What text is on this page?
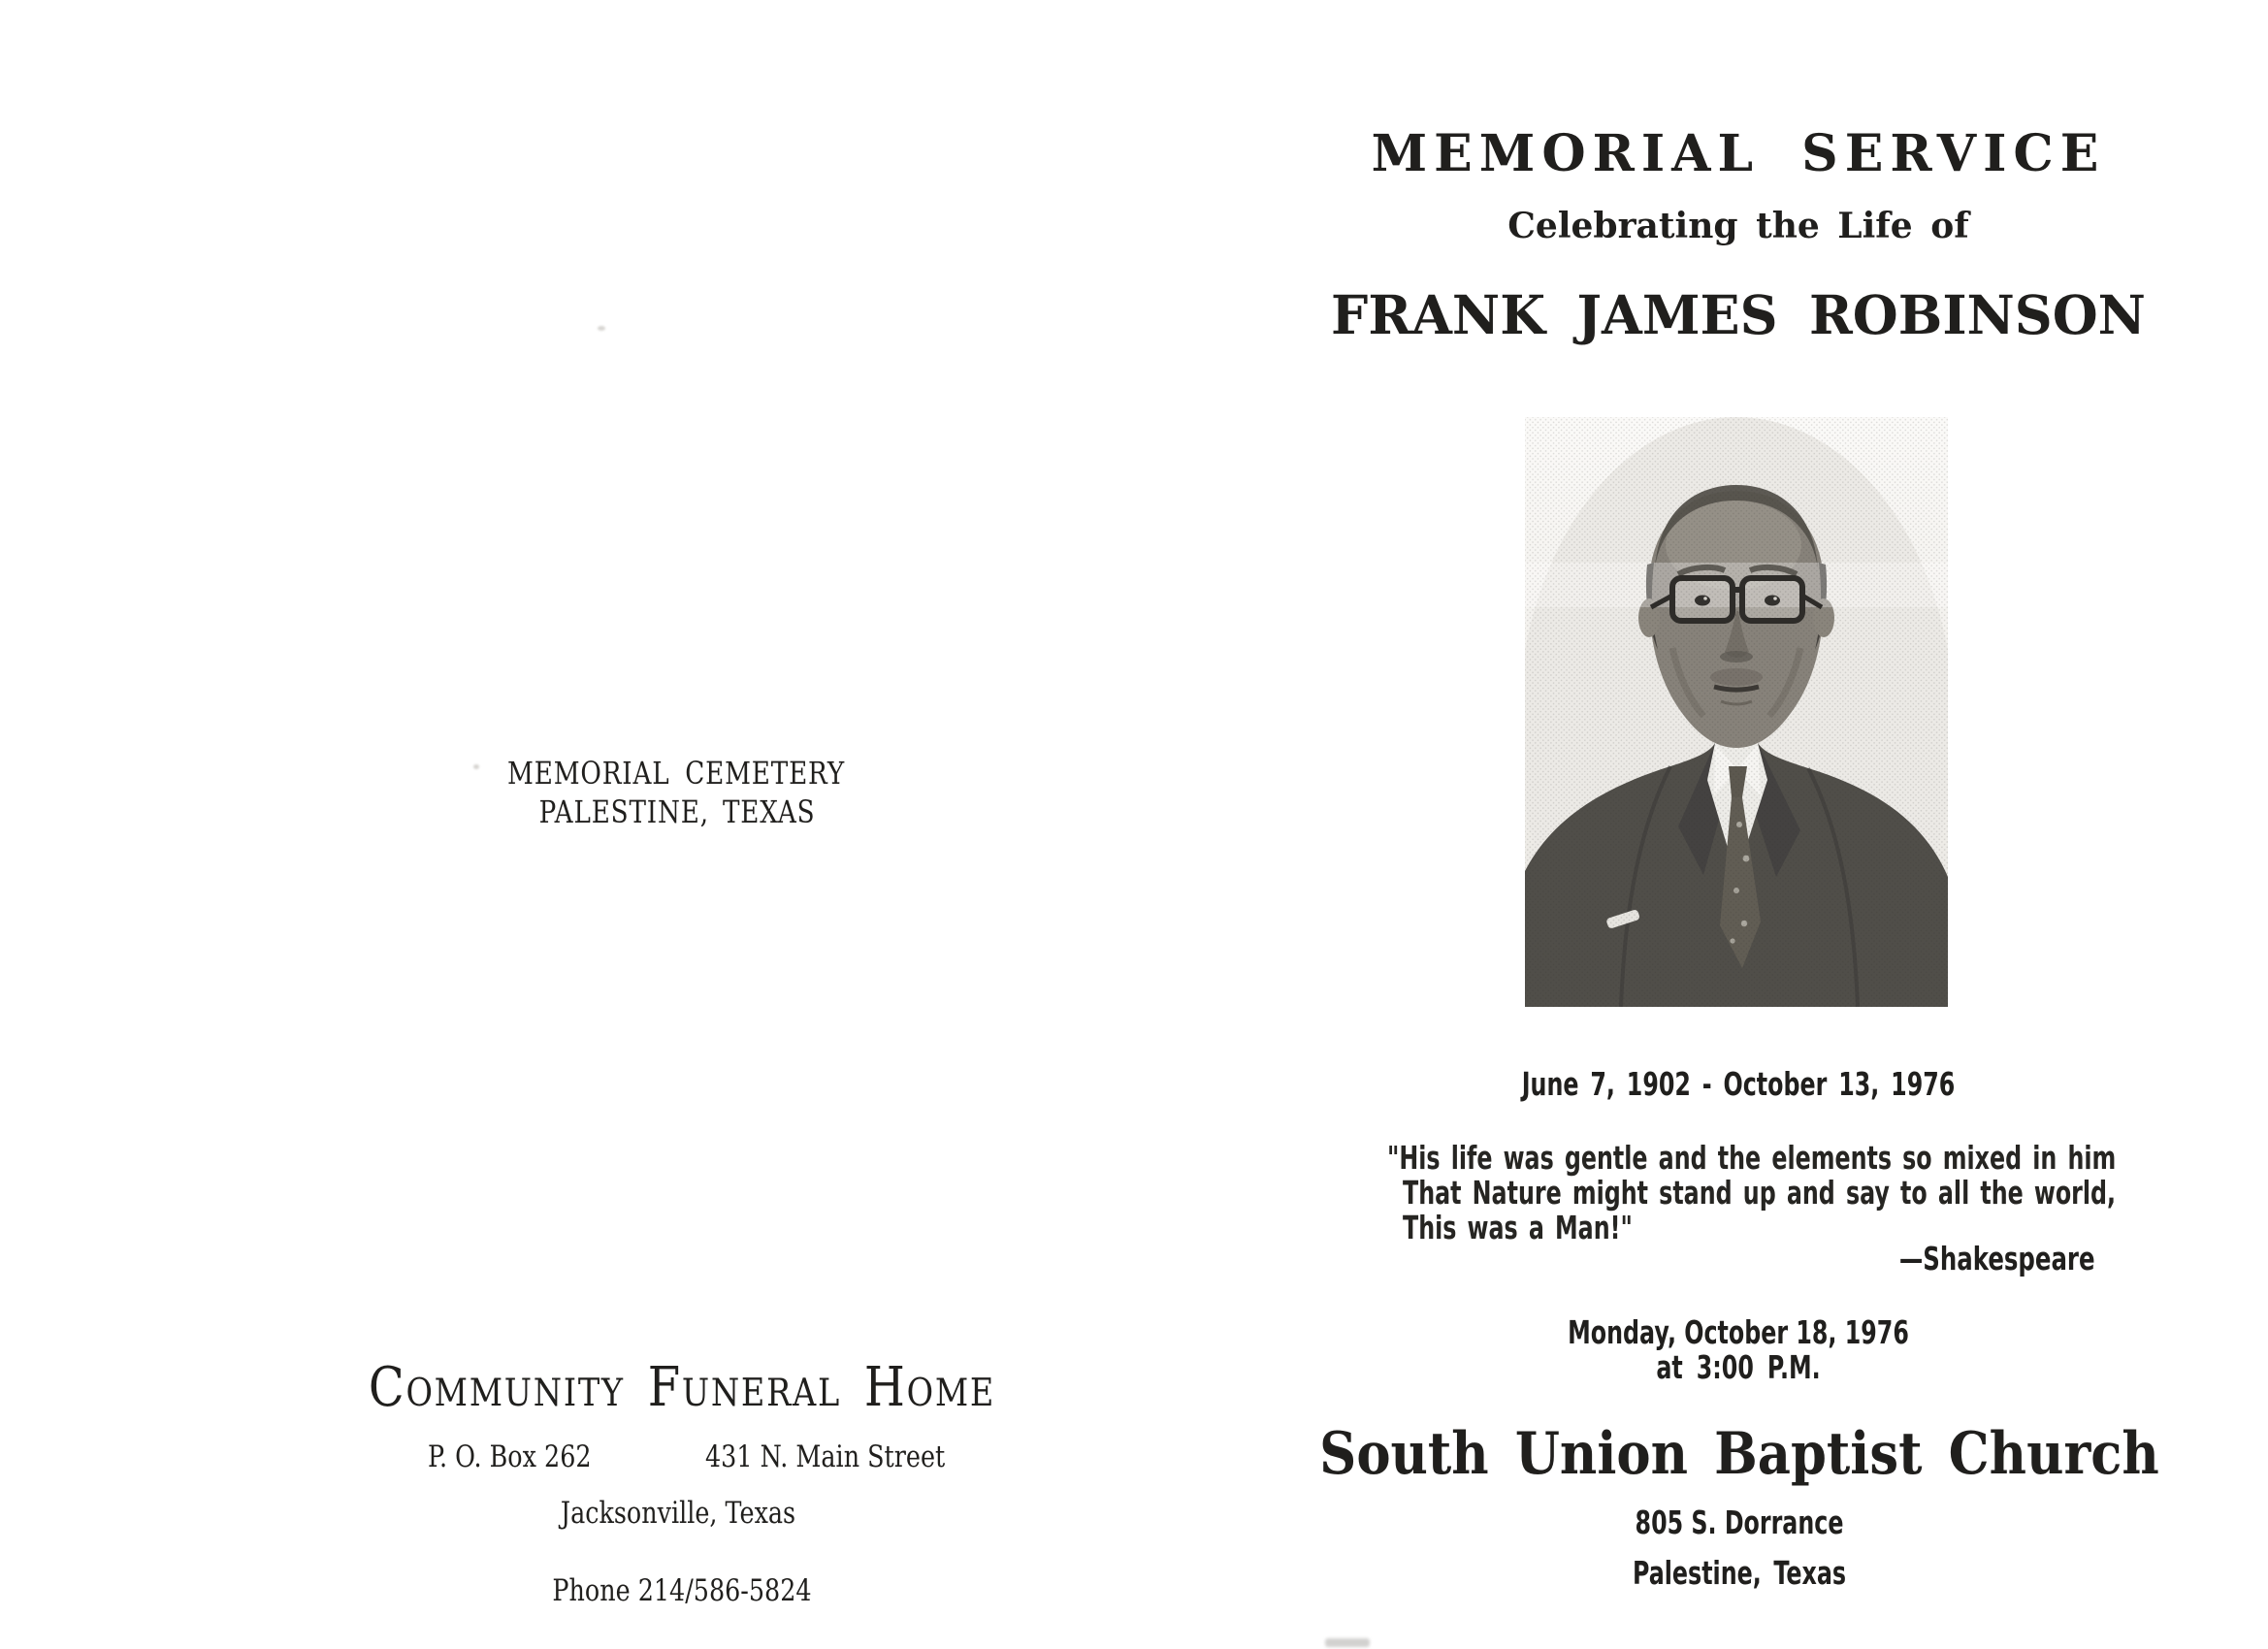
MEMORIAL CEMETERY
PALESTINE, TEXAS
Community Funeral Home
P. O. Box 262	431 N. Main Street
Jacksonville, Texas
Phone 214/586-5824
MEMORIAL SERVICE
Celebrating the Life of
FRANK JAMES ROBINSON
June 7, 1902 - October 13, 1976
"His life was gentle and the elements so mixed in him
That Nature might stand up and say to all the world,
This was a Man!"
—Shakespeare
Monday, October 18, 1976
at 3:00 P.M.
South Union Baptist Church
805 S. Dorrance
Palestine, Texas
